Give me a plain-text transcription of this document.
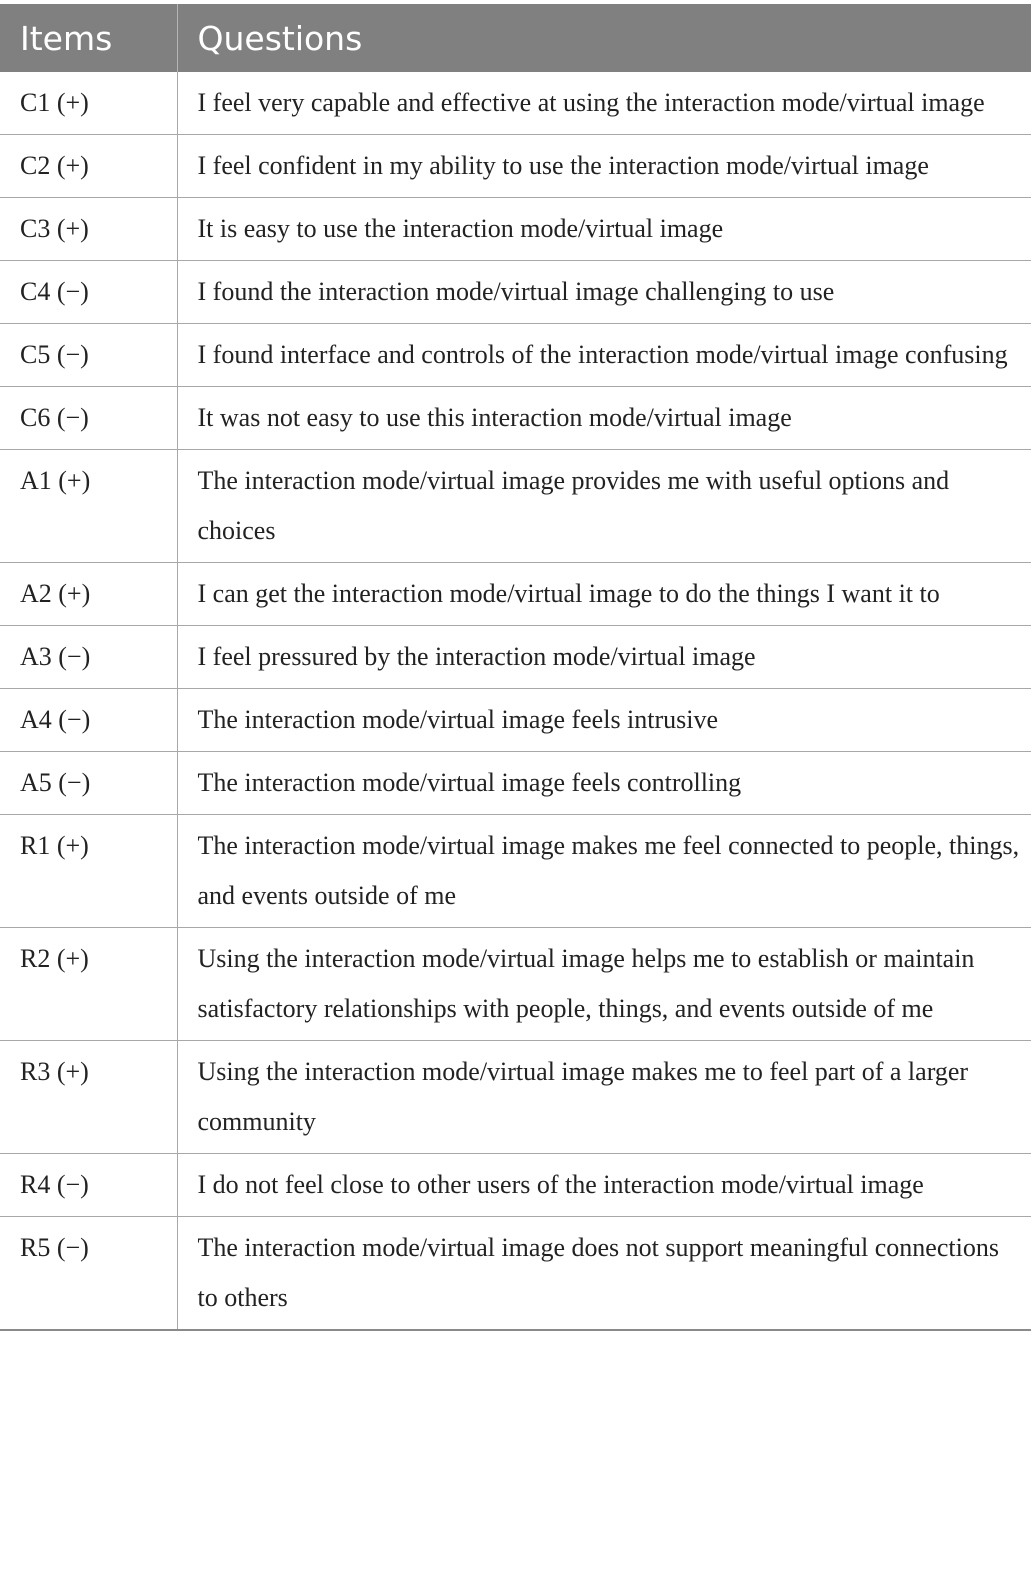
Items	Questions
C1 (+)	I feel very capable and effective at using the interaction mode/virtual image
C2 (+)	I feel confident in my ability to use the interaction mode/virtual image
C3 (+)	It is easy to use the interaction mode/virtual image
C4 (−)	I found the interaction mode/virtual image challenging to use
C5 (−)	I found interface and controls of the interaction mode/virtual image confusing
C6 (−)	It was not easy to use this interaction mode/virtual image
A1 (+)	The interaction mode/virtual image provides me with useful options and choices
A2 (+)	I can get the interaction mode/virtual image to do the things I want it to
A3 (−)	I feel pressured by the interaction mode/virtual image
A4 (−)	The interaction mode/virtual image feels intrusive
A5 (−)	The interaction mode/virtual image feels controlling
R1 (+)	The interaction mode/virtual image makes me feel connected to people, things, and events outside of me
R2 (+)	Using the interaction mode/virtual image helps me to establish or maintain satisfactory relationships with people, things, and events outside of me
R3 (+)	Using the interaction mode/virtual image makes me to feel part of a larger community
R4 (−)	I do not feel close to other users of the interaction mode/virtual image
R5 (−)	The interaction mode/virtual image does not support meaningful connections to others
